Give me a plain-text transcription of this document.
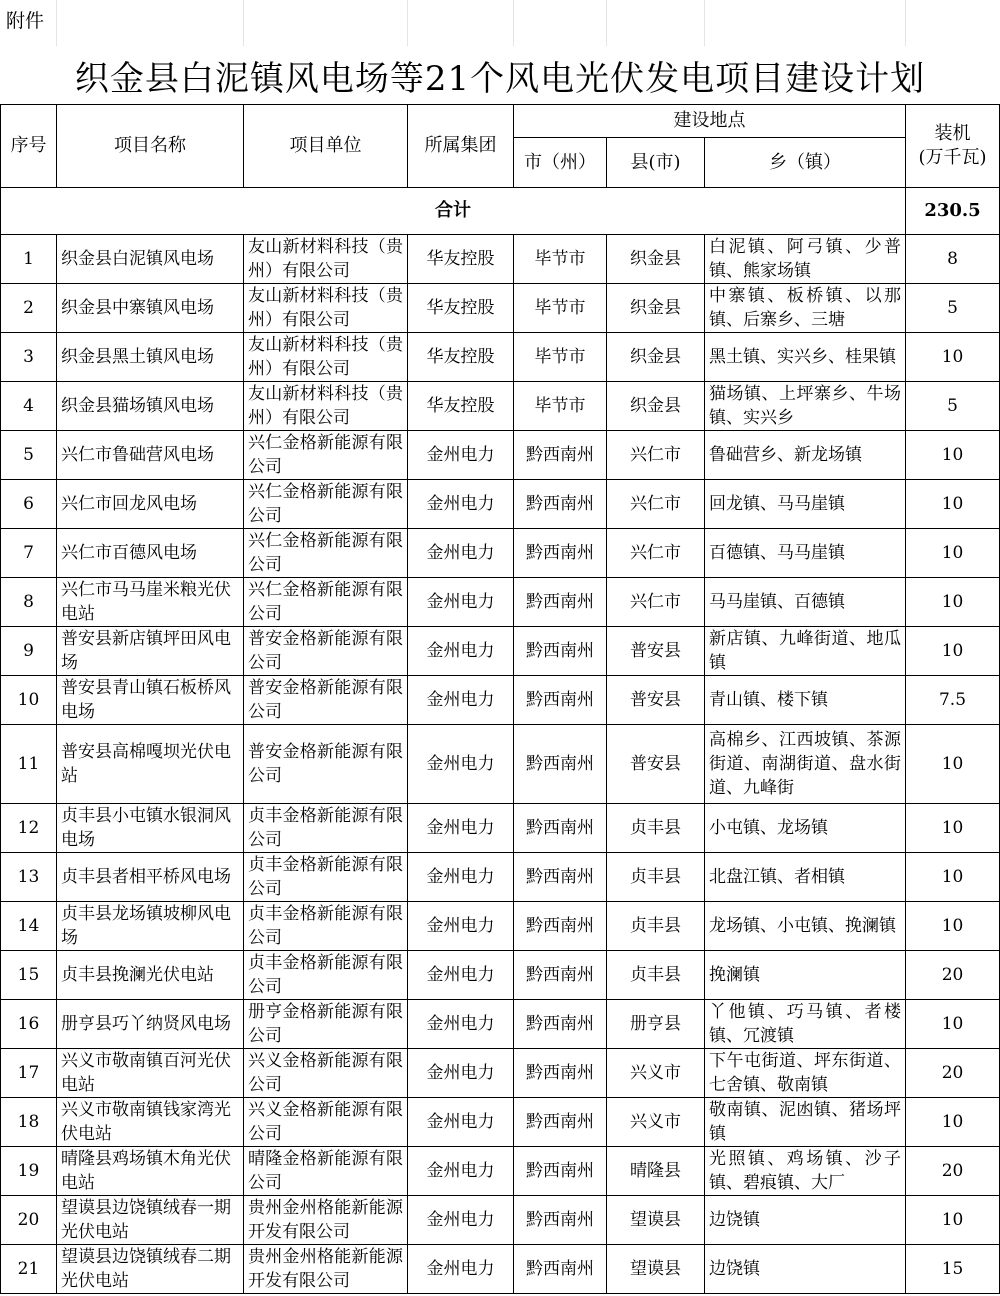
附件
织金县白泥镇风电场等21个风电光伏发电项目建设计划
序号	项目名称	项目单位	所属集团	建设地点			装机
(万千瓦)

				市（州）	县(市)	乡（镇）	
合计							230.5

1	织金县白泥镇风电场	友山新材料科技（贵州）有限公司	华友控股	毕节市	织金县	白泥镇、阿弓镇、少普镇、熊家场镇	8

2	织金县中寨镇风电场	友山新材料科技（贵州）有限公司	华友控股	毕节市	织金县	中寨镇、板桥镇、以那镇、后寨乡、三塘	5

3	织金县黑土镇风电场	友山新材料科技（贵州）有限公司	华友控股	毕节市	织金县	黑土镇、实兴乡、桂果镇	10

4	织金县猫场镇风电场	友山新材料科技（贵州）有限公司	华友控股	毕节市	织金县	猫场镇、上坪寨乡、牛场镇、实兴乡	5

5	兴仁市鲁础营风电场	兴仁金格新能源有限公司	金州电力	黔西南州	兴仁市	鲁础营乡、新龙场镇	10

6	兴仁市回龙风电场	兴仁金格新能源有限公司	金州电力	黔西南州	兴仁市	回龙镇、马马崖镇	10

7	兴仁市百德风电场	兴仁金格新能源有限公司	金州电力	黔西南州	兴仁市	百德镇、马马崖镇	10

8	兴仁市马马崖米粮光伏电站	兴仁金格新能源有限公司	金州电力	黔西南州	兴仁市	马马崖镇、百德镇	10

9	普安县新店镇坪田风电场	普安金格新能源有限公司	金州电力	黔西南州	普安县	新店镇、九峰街道、地瓜镇	10

10	普安县青山镇石板桥风电场	普安金格新能源有限公司	金州电力	黔西南州	普安县	青山镇、楼下镇	7.5

11	普安县高棉嘎坝光伏电站	普安金格新能源有限公司	金州电力	黔西南州	普安县	高棉乡、江西坡镇、茶源街道、南湖街道、盘水街道、九峰街	10

12	贞丰县小屯镇水银洞风电场	贞丰金格新能源有限公司	金州电力	黔西南州	贞丰县	小屯镇、龙场镇	10

13	贞丰县者相平桥风电场	贞丰金格新能源有限公司	金州电力	黔西南州	贞丰县	北盘江镇、者相镇	10

14	贞丰县龙场镇坡柳风电场	贞丰金格新能源有限公司	金州电力	黔西南州	贞丰县	龙场镇、小屯镇、挽澜镇	10

15	贞丰县挽澜光伏电站	贞丰金格新能源有限公司	金州电力	黔西南州	贞丰县	挽澜镇	20

16	册亨县巧丫纳贤风电场	册亨金格新能源有限公司	金州电力	黔西南州	册亨县	丫他镇、巧马镇、者楼镇、冗渡镇	10

17	兴义市敬南镇百河光伏电站	兴义金格新能源有限公司	金州电力	黔西南州	兴义市	下午屯街道、坪东街道、七舍镇、敬南镇	20

18	兴义市敬南镇钱家湾光伏电站	兴义金格新能源有限公司	金州电力	黔西南州	兴义市	敬南镇、泥凼镇、猪场坪镇	10

19	晴隆县鸡场镇木角光伏电站	晴隆金格新能源有限公司	金州电力	黔西南州	晴隆县	光照镇、鸡场镇、沙子镇、碧痕镇、大厂	20

20	望谟县边饶镇绒春一期光伏电站	贵州金州格能新能源开发有限公司	金州电力	黔西南州	望谟县	边饶镇	10

21	望谟县边饶镇绒春二期光伏电站	贵州金州格能新能源开发有限公司	金州电力	黔西南州	望谟县	边饶镇	15
